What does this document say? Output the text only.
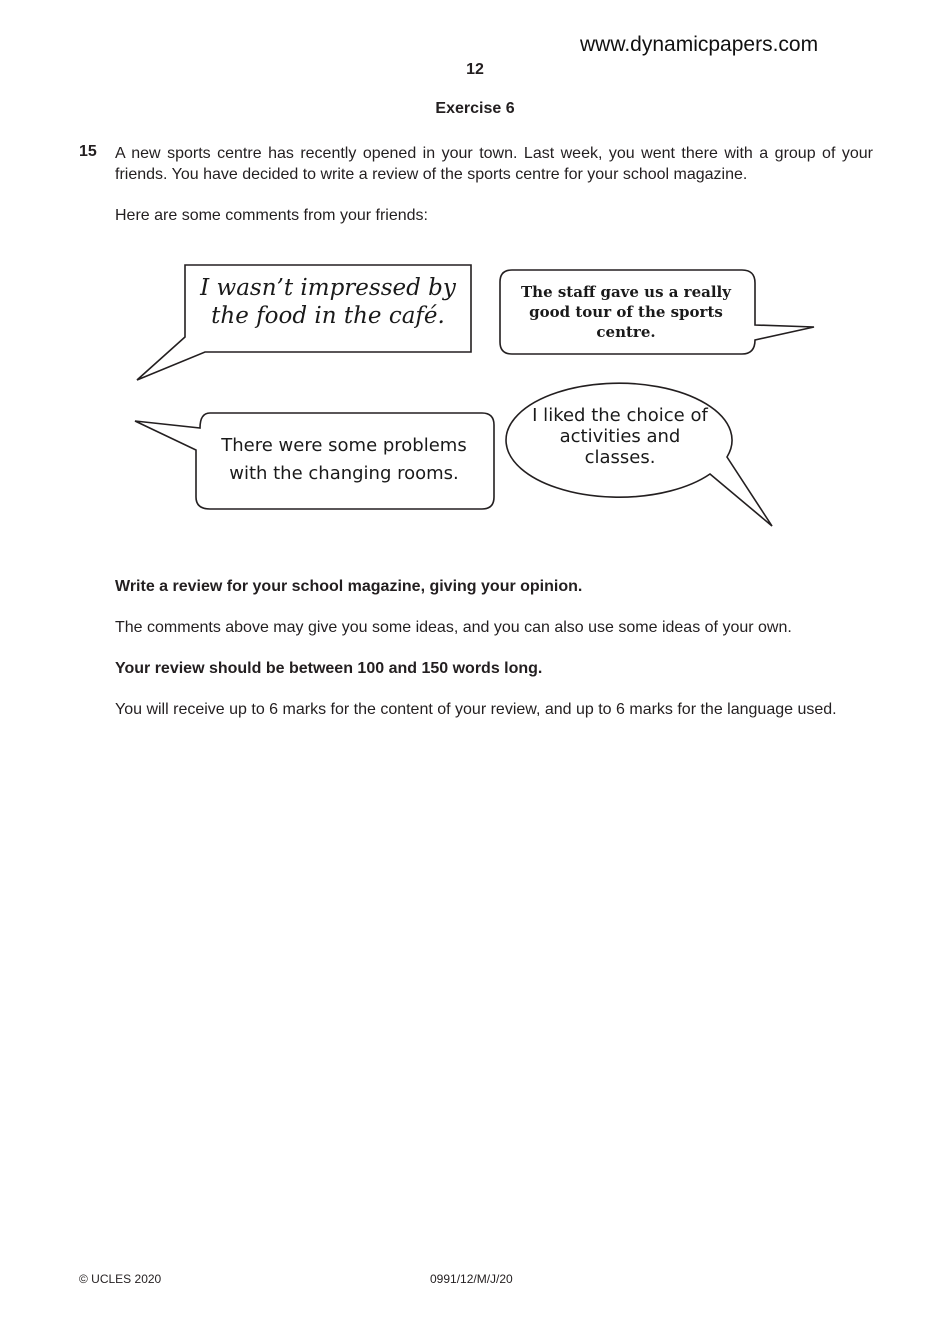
www.dynamicpapers.com
12
Exercise 6
15 A new sports centre has recently opened in your town. Last week, you went there with a group of your friends. You have decided to write a review of the sports centre for your school magazine.
Here are some comments from your friends:
I wasn’t impressed by the food in the café.
The staff gave us a really good tour of the sports centre.
There were some problems with the changing rooms.
I liked the choice of activities and classes.
Write a review for your school magazine, giving your opinion.
The comments above may give you some ideas, and you can also use some ideas of your own.
Your review should be between 100 and 150 words long.
You will receive up to 6 marks for the content of your review, and up to 6 marks for the language used.
© UCLES 2020	0991/12/M/J/20
